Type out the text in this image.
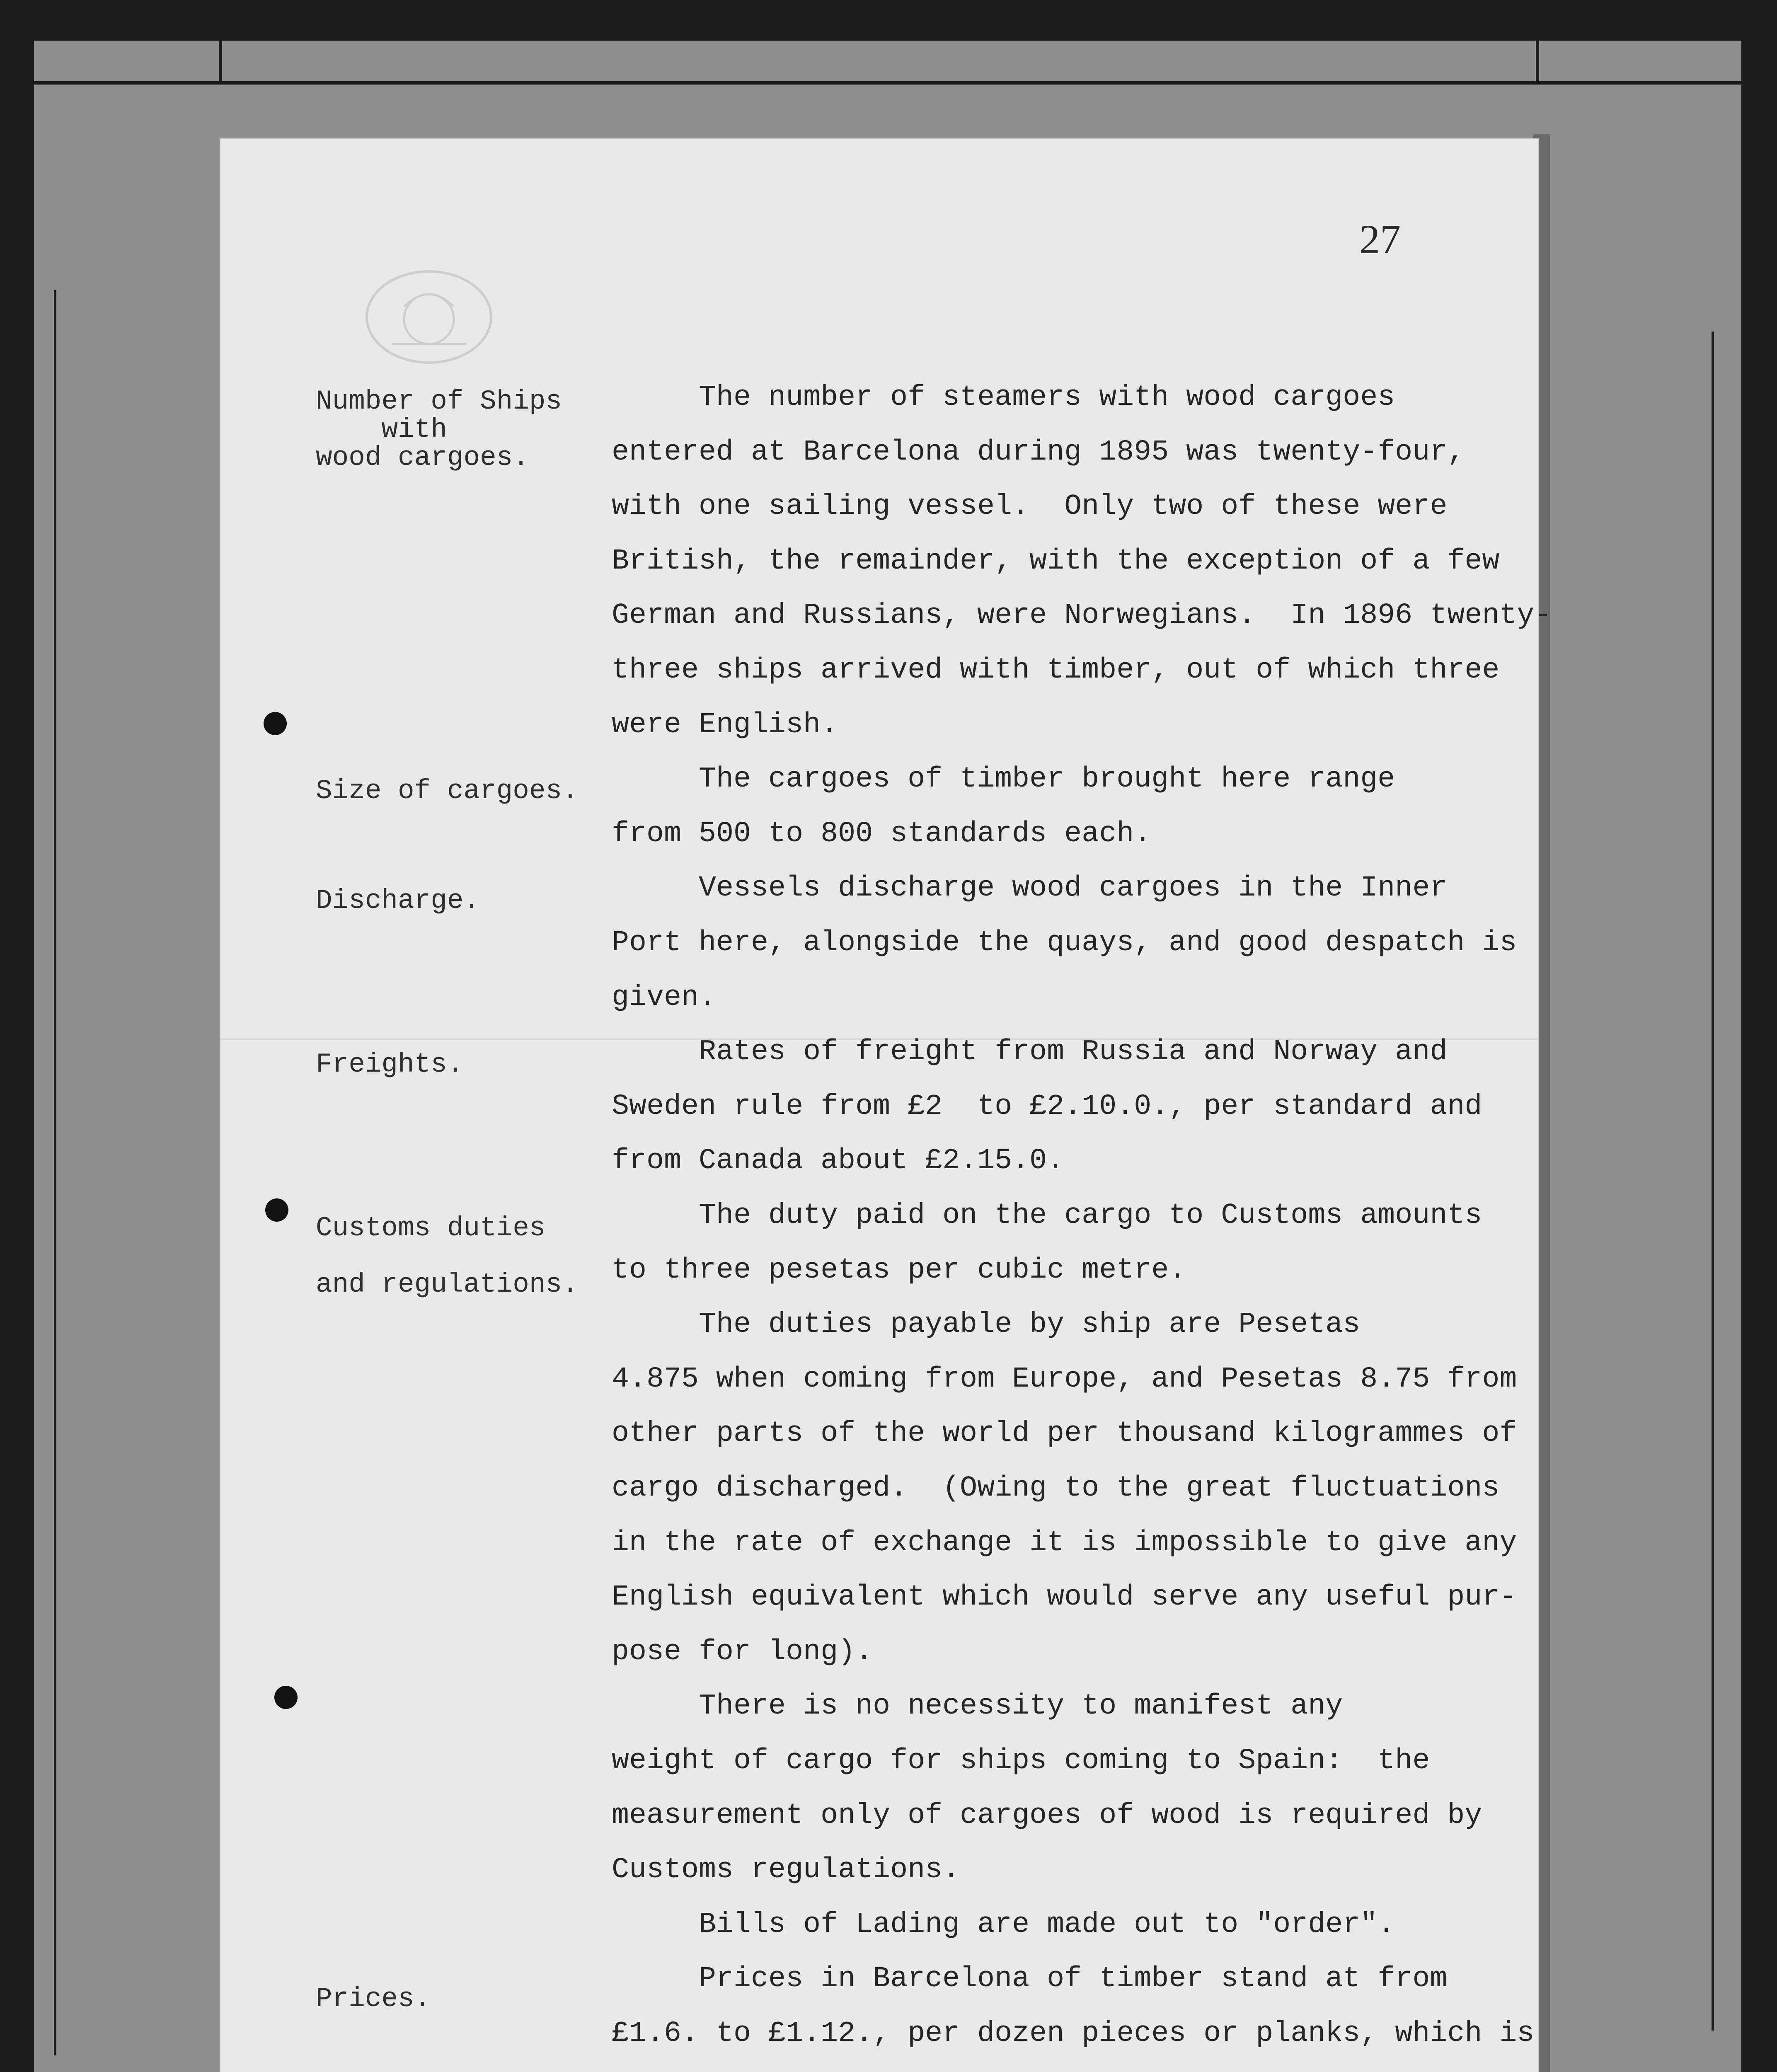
27
Number of Ships
with
wood cargoes.
Size of cargoes.
Discharge.
Freights.
Customs duties
and regulations.
Prices.
The number of steamers with wood cargoes
entered at Barcelona during 1895 was twenty-four,
with one sailing vessel.  Only two of these were
British, the remainder, with the exception of a few
German and Russians, were Norwegians.  In 1896 twenty-
three ships arrived with timber, out of which three
were English.
The cargoes of timber brought here range
from 500 to 800 standards each.
Vessels discharge wood cargoes in the Inner
Port here, alongside the quays, and good despatch is
given.
Rates of freight from Russia and Norway and
Sweden rule from £2  to £2.10.0., per standard and
from Canada about £2.15.0.
The duty paid on the cargo to Customs amounts
to three pesetas per cubic metre.
The duties payable by ship are Pesetas
4.875 when coming from Europe, and Pesetas 8.75 from
other parts of the world per thousand kilogrammes of
cargo discharged.  (Owing to the great fluctuations
in the rate of exchange it is impossible to give any
English equivalent which would serve any useful pur-
pose for long).
There is no necessity to manifest any
weight of cargo for ships coming to Spain:  the
measurement only of cargoes of wood is required by
Customs regulations.
Bills of Lading are made out to "order".
Prices in Barcelona of timber stand at from
£1.6. to £1.12., per dozen pieces or planks, which is
